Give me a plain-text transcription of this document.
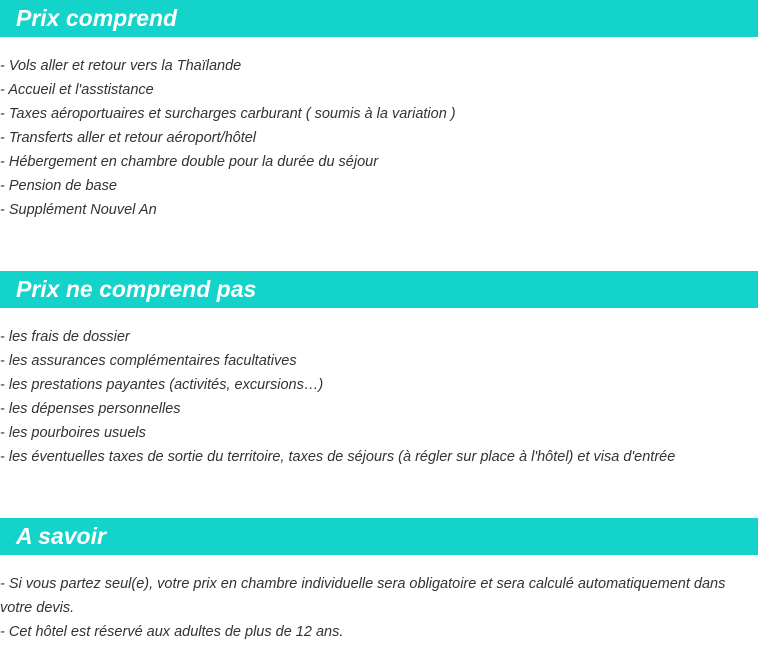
Prix comprend
- Vols aller et retour vers la Thaïlande
- Accueil et l'asstistance
- Taxes aéroportuaires et surcharges carburant ( soumis à la variation )
- Transferts aller et retour aéroport/hôtel
- Hébergement en chambre double pour la durée du séjour
- Pension de base
- Supplément Nouvel An
Prix ne comprend pas
- les frais de dossier
- les assurances complémentaires facultatives
- les prestations payantes (activités, excursions…)
- les dépenses personnelles
- les pourboires usuels
- les éventuelles taxes de sortie du territoire, taxes de séjours (à régler sur place à l'hôtel) et visa d'entrée
A savoir
- Si vous partez seul(e), votre prix en chambre individuelle sera obligatoire et sera calculé automatiquement dans votre devis.
- Cet hôtel est réservé aux adultes de plus de 12 ans.
